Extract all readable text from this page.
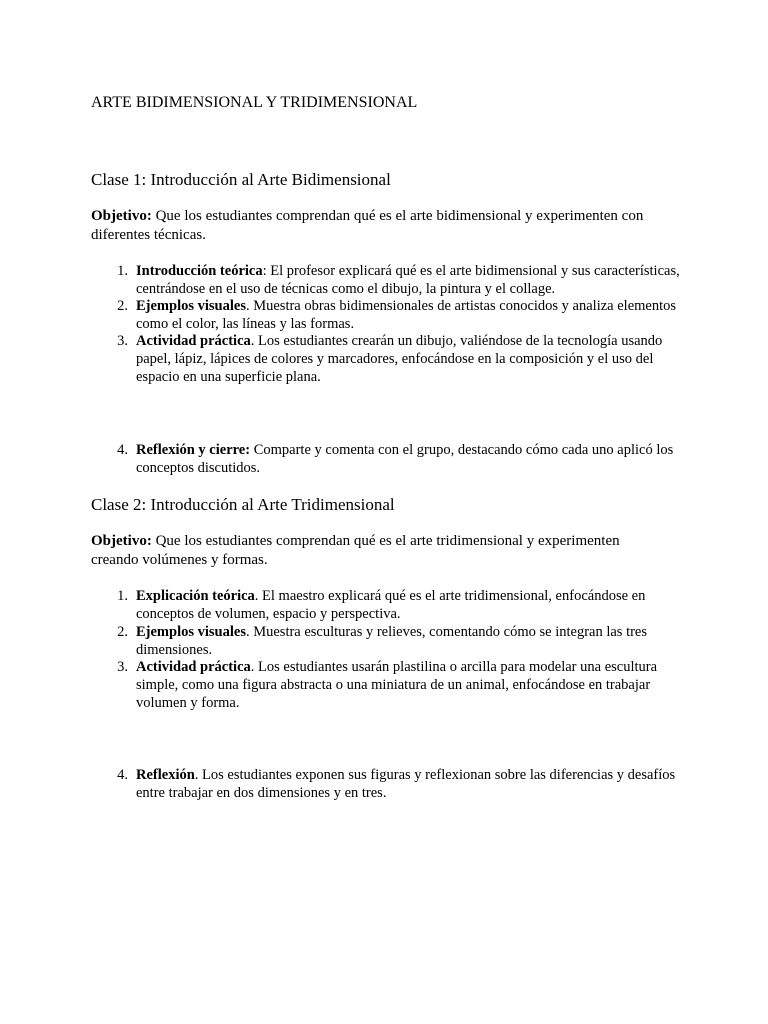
ARTE BIDIMENSIONAL Y TRIDIMENSIONAL
Clase 1: Introducción al Arte Bidimensional

Objetivo: Que los estudiantes comprendan qué es el arte bidimensional y experimenten con diferentes técnicas.

1. Introducción teórica: El profesor explicará qué es el arte bidimensional y sus características, centrándose en el uso de técnicas como el dibujo, la pintura y el collage.
2. Ejemplos visuales. Muestra obras bidimensionales de artistas conocidos y analiza elementos como el color, las líneas y las formas.
3. Actividad práctica. Los estudiantes crearán un dibujo, valiéndose de la tecnología usando papel, lápiz, lápices de colores y marcadores, enfocándose en la composición y el uso del espacio en una superficie plana.
4. Reflexión y cierre: Comparte y comenta con el grupo, destacando cómo cada uno aplicó los conceptos discutidos.
Clase 2: Introducción al Arte Tridimensional

Objetivo: Que los estudiantes comprendan qué es el arte tridimensional y experimenten creando volúmenes y formas.

1. Explicación teórica. El maestro explicará qué es el arte tridimensional, enfocándose en conceptos de volumen, espacio y perspectiva.
2. Ejemplos visuales. Muestra esculturas y relieves, comentando cómo se integran las tres dimensiones.
3. Actividad práctica. Los estudiantes usarán plastilina o arcilla para modelar una escultura simple, como una figura abstracta o una miniatura de un animal, enfocándose en trabajar volumen y forma.
4. Reflexión. Los estudiantes exponen sus figuras y reflexionan sobre las diferencias y desafíos entre trabajar en dos dimensiones y en tres.
